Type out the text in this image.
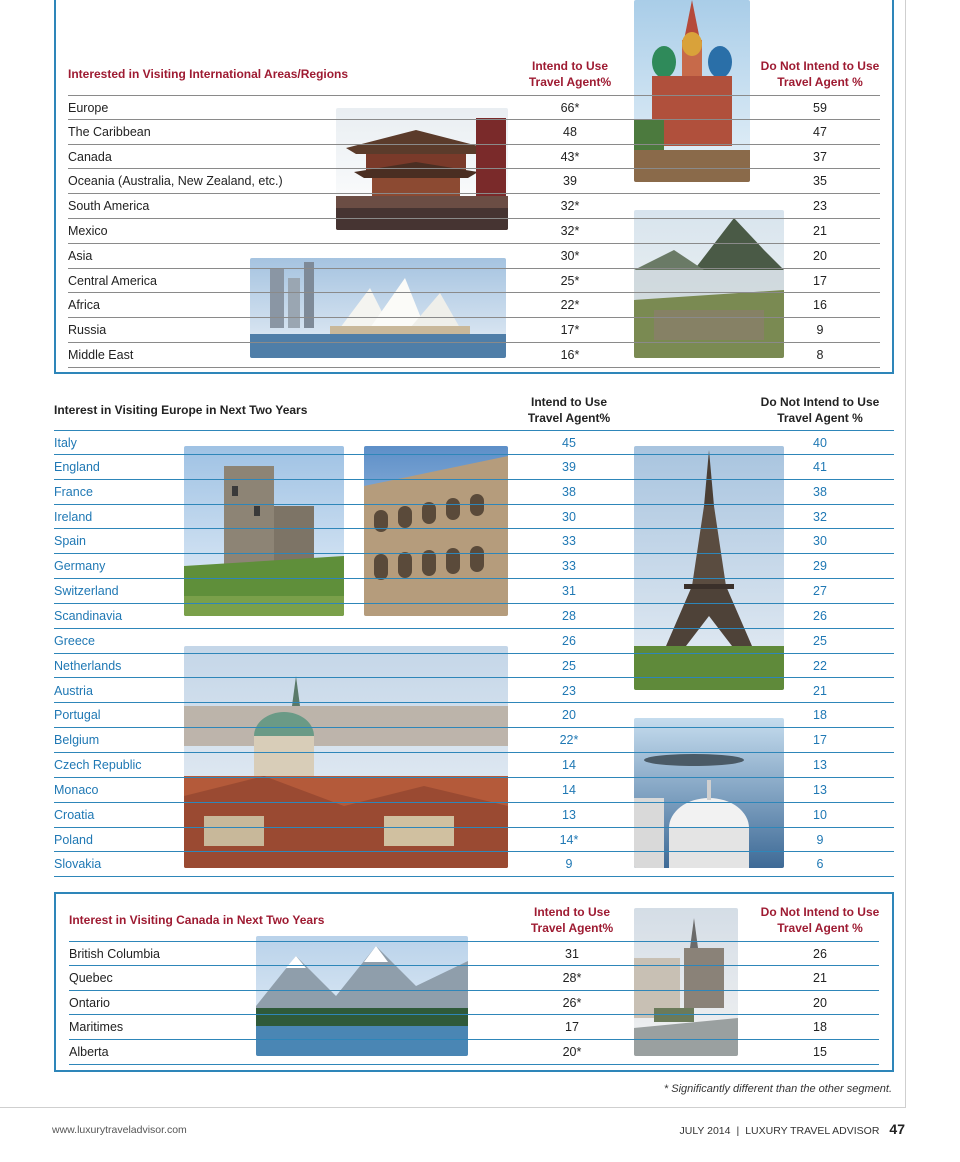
Interested in Visiting International Areas/Regions
Intend to Use
Travel Agent%
Do Not Intend to Use
Travel Agent %
Europe	66*	59
The Caribbean	48	47
Canada	43*	37
Oceania (Australia, New Zealand, etc.)	39	35
South America	32*	23
Mexico	32*	21
Asia	30*	20
Central America	25*	17
Africa	22*	16
Russia	17*	9
Middle East	16*	8
Interest in Visiting Europe in Next Two Years
Intend to Use
Travel Agent%
Do Not Intend to Use
Travel Agent %
Italy	45	40
England	39	41
France	38	38
Ireland	30	32
Spain	33	30
Germany	33	29
Switzerland	31	27
Scandinavia	28	26
Greece	26	25
Netherlands	25	22
Austria	23	21
Portugal	20	18
Belgium	22*	17
Czech Republic	14	13
Monaco	14	13
Croatia	13	10
Poland	14*	9
Slovakia	9	6
Interest in Visiting Canada in Next Two Years
Intend to Use
Travel Agent%
Do Not Intend to Use
Travel Agent %
British Columbia	31	26
Quebec	28*	21
Ontario	26*	20
Maritimes	17	18
Alberta	20*	15
* Significantly different than the other segment.
www.luxurytraveladvisor.com	JULY 2014 | LUXURY TRAVEL ADVISOR 47
